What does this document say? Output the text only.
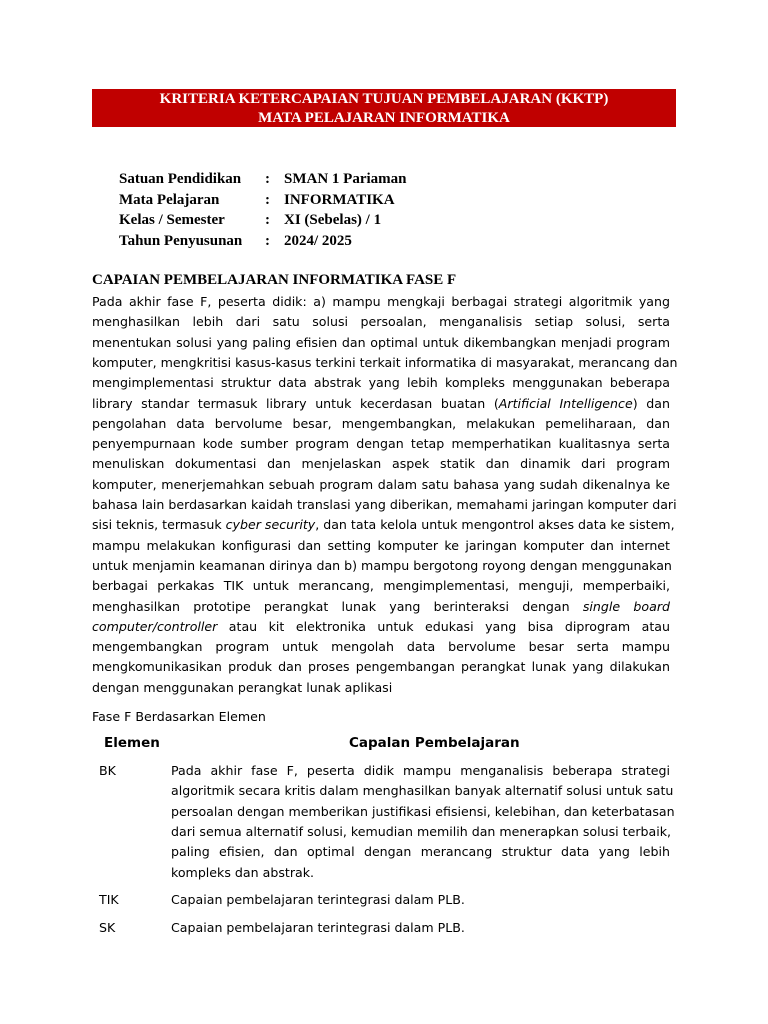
KRITERIA KETERCAPAIAN TUJUAN PEMBELAJARAN (KKTP)
MATA PELAJARAN INFORMATIKA
Satuan Pendidikan : SMAN 1 Pariaman
Mata Pelajaran	: INFORMATIKA
Kelas / Semester	: XI (Sebelas) / 1
Tahun Penyusunan : 2024/ 2025
CAPAIAN PEMBELAJARAN INFORMATIKA FASE F
Pada akhir fase F, peserta didik: a) mampu mengkaji berbagai strategi algoritmik yang
menghasilkan lebih dari satu solusi persoalan, menganalisis setiap solusi, serta
menentukan solusi yang paling efisien dan optimal untuk dikembangkan menjadi program
komputer, mengkritisi kasus-kasus terkini terkait informatika di masyarakat, merancang dan
mengimplementasi struktur data abstrak yang lebih kompleks menggunakan beberapa
library standar termasuk library untuk kecerdasan buatan (Artificial Intelligence) dan
pengolahan data bervolume besar, mengembangkan, melakukan pemeliharaan, dan
penyempurnaan kode sumber program dengan tetap memperhatikan kualitasnya serta
menuliskan dokumentasi dan menjelaskan aspek statik dan dinamik dari program
komputer, menerjemahkan sebuah program dalam satu bahasa yang sudah dikenalnya ke
bahasa lain berdasarkan kaidah translasi yang diberikan, memahami jaringan komputer dari
sisi teknis, termasuk cyber security, dan tata kelola untuk mengontrol akses data ke sistem,
mampu melakukan konfigurasi dan setting komputer ke jaringan komputer dan internet
untuk menjamin keamanan dirinya dan b) mampu bergotong royong dengan menggunakan
berbagai perkakas TIK untuk merancang, mengimplementasi, menguji, memperbaiki,
menghasilkan prototipe perangkat lunak yang berinteraksi dengan single board
computer/controller atau kit elektronika untuk edukasi yang bisa diprogram atau
mengembangkan program untuk mengolah data bervolume besar serta mampu
mengkomunikasikan produk dan proses pengembangan perangkat lunak yang dilakukan
dengan menggunakan perangkat lunak aplikasi
Fase F Berdasarkan Elemen
Elemen	Capalan Pembelajaran
BK	Pada akhir fase F, peserta didik mampu menganalisis beberapa strategi
algoritmik secara kritis dalam menghasilkan banyak alternatif solusi untuk satu
persoalan dengan memberikan justifikasi efisiensi, kelebihan, dan keterbatasan
dari semua alternatif solusi, kemudian memilih dan menerapkan solusi terbaik,
paling efisien, dan optimal dengan merancang struktur data yang lebih
kompleks dan abstrak.
TIK	Capaian pembelajaran terintegrasi dalam PLB.
SK	Capaian pembelajaran terintegrasi dalam PLB.
